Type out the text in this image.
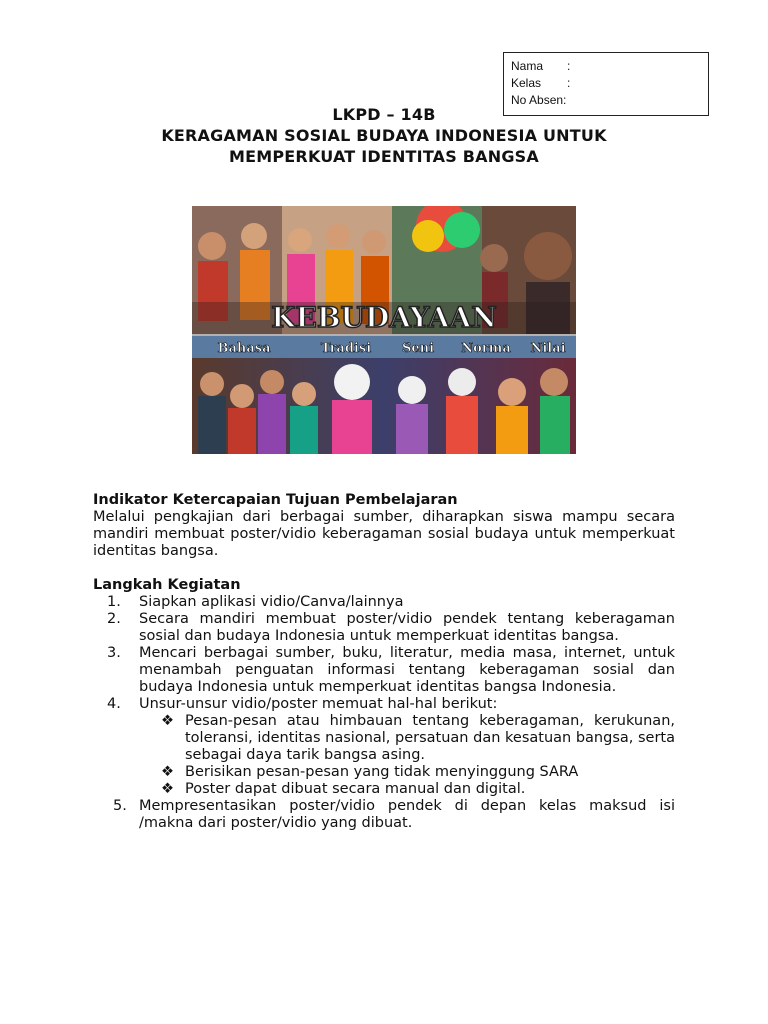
Nama	:
Kelas	:
No Absen:
LKPD – 14B
KERAGAMAN SOSIAL BUDAYA INDONESIA UNTUK
MEMPERKUAT IDENTITAS BANGSA
KEBUDAYAAN
Bahasa	Tradisi Seni Norma Nilai
Indikator Ketercapaian Tujuan Pembelajaran
Melalui pengkajian dari berbagai sumber, diharapkan siswa mampu secara mandiri membuat poster/vidio keberagaman sosial budaya untuk memperkuat identitas bangsa.
Langkah Kegiatan
1.	Siapkan aplikasi vidio/Canva/lainnya
2.	Secara mandiri membuat poster/vidio pendek tentang keberagaman sosial dan budaya Indonesia untuk memperkuat identitas bangsa.
3.	Mencari berbagai sumber, buku, literatur, media masa, internet, untuk menambah penguatan informasi tentang keberagaman sosial dan budaya Indonesia untuk memperkuat identitas bangsa Indonesia.
4.	Unsur-unsur vidio/poster memuat hal-hal berikut:
❖ Pesan-pesan atau himbauan tentang keberagaman, kerukunan, toleransi, identitas nasional, persatuan dan kesatuan bangsa, serta sebagai daya tarik bangsa asing.
❖ Berisikan pesan-pesan yang tidak menyinggung SARA
❖ Poster dapat dibuat secara manual dan digital.
5. Mempresentasikan poster/vidio pendek di depan kelas maksud isi /makna dari poster/vidio yang dibuat.
